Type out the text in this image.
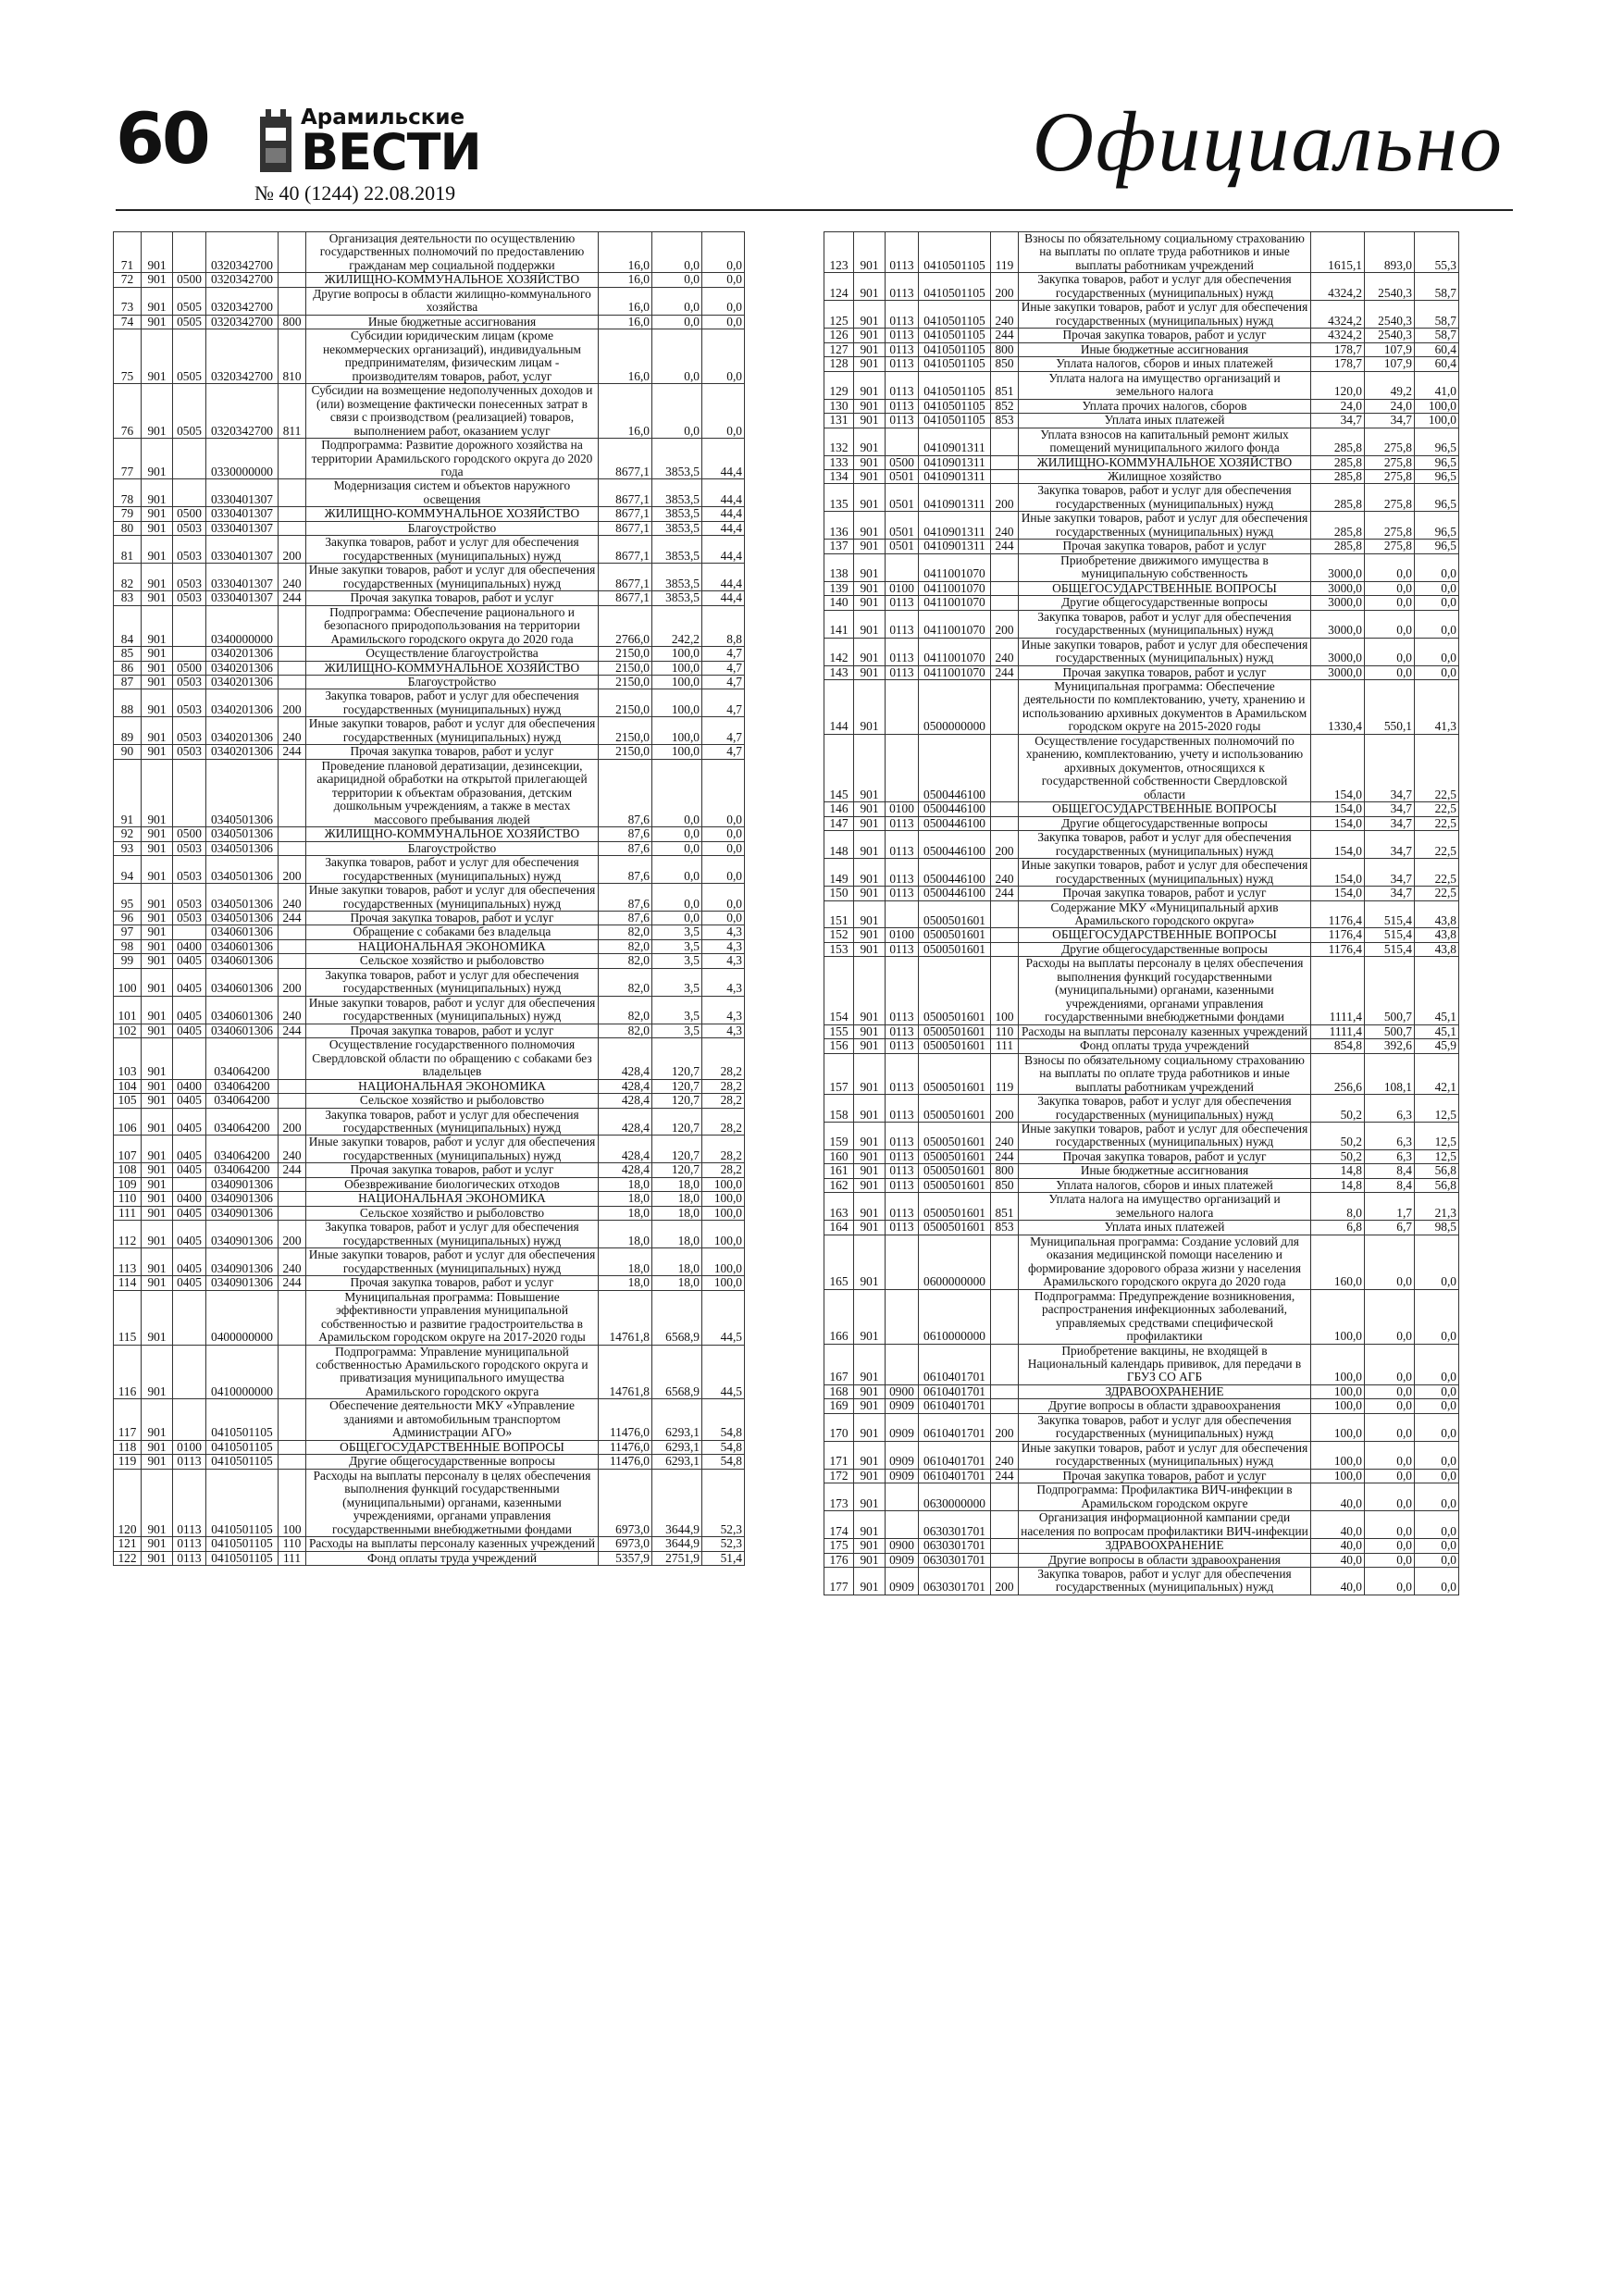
60	Арамильские
ВЕСТИ
№ 40 (1244) 22.08.2019
Официально
71	901		0320342700		Организация деятельности по осуществлению государственных полномочий по предоставлению гражданам мер социальной поддержки	16,0	0,0	0,0
72	901	0500	0320342700		ЖИЛИЩНО-КОММУНАЛЬНОЕ ХОЗЯЙСТВО	16,0	0,0	0,0
73	901	0505	0320342700		Другие вопросы в области жилищно-коммунального хозяйства	16,0	0,0	0,0
74	901	0505	0320342700	800	Иные бюджетные ассигнования	16,0	0,0	0,0
75	901	0505	0320342700	810	Субсидии юридическим лицам (кроме некоммерческих организаций), индивидуальным предпринимателям, физическим лицам - производителям товаров, работ, услуг	16,0	0,0	0,0
76	901	0505	0320342700	811	Субсидии на возмещение недополученных доходов и (или) возмещение фактически понесенных затрат в связи с производством (реализацией) товаров, выполнением работ, оказанием услуг	16,0	0,0	0,0
77	901		0330000000		Подпрограмма: Развитие дорожного хозяйства на территории Арамильского городского округа до 2020 года	8677,1	3853,5	44,4
78	901		0330401307		Модернизация систем и объектов наружного освещения	8677,1	3853,5	44,4
79	901	0500	0330401307		ЖИЛИЩНО-КОММУНАЛЬНОЕ ХОЗЯЙСТВО	8677,1	3853,5	44,4
80	901	0503	0330401307		Благоустройство	8677,1	3853,5	44,4
81	901	0503	0330401307	200	Закупка товаров, работ и услуг для обеспечения государственных (муниципальных) нужд	8677,1	3853,5	44,4
82	901	0503	0330401307	240	Иные закупки товаров, работ и услуг для обеспечения государственных (муниципальных) нужд	8677,1	3853,5	44,4
83	901	0503	0330401307	244	Прочая закупка товаров, работ и услуг	8677,1	3853,5	44,4
84	901		0340000000		Подпрограмма: Обеспечение рационального и безопасного природопользования на территории Арамильского городского округа до 2020 года	2766,0	242,2	8,8
85	901		0340201306		Осуществление благоустройства	2150,0	100,0	4,7
86	901	0500	0340201306		ЖИЛИЩНО-КОММУНАЛЬНОЕ ХОЗЯЙСТВО	2150,0	100,0	4,7
87	901	0503	0340201306		Благоустройство	2150,0	100,0	4,7
88	901	0503	0340201306	200	Закупка товаров, работ и услуг для обеспечения государственных (муниципальных) нужд	2150,0	100,0	4,7
89	901	0503	0340201306	240	Иные закупки товаров, работ и услуг для обеспечения государственных (муниципальных) нужд	2150,0	100,0	4,7
90	901	0503	0340201306	244	Прочая закупка товаров, работ и услуг	2150,0	100,0	4,7
91	901		0340501306		Проведение плановой дератизации, дезинсекции, акарицидной обработки на открытой прилегающей территории к объектам образования, детским дошкольным учреждениям, а также в местах массового пребывания людей	87,6	0,0	0,0
92	901	0500	0340501306		ЖИЛИЩНО-КОММУНАЛЬНОЕ ХОЗЯЙСТВО	87,6	0,0	0,0
93	901	0503	0340501306		Благоустройство	87,6	0,0	0,0
94	901	0503	0340501306	200	Закупка товаров, работ и услуг для обеспечения государственных (муниципальных) нужд	87,6	0,0	0,0
95	901	0503	0340501306	240	Иные закупки товаров, работ и услуг для обеспечения государственных (муниципальных) нужд	87,6	0,0	0,0
96	901	0503	0340501306	244	Прочая закупка товаров, работ и услуг	87,6	0,0	0,0
97	901		0340601306		Обращение с собаками без владельца	82,0	3,5	4,3
98	901	0400	0340601306		НАЦИОНАЛЬНАЯ ЭКОНОМИКА	82,0	3,5	4,3
99	901	0405	0340601306		Сельское хозяйство и рыболовство	82,0	3,5	4,3
100	901	0405	0340601306	200	Закупка товаров, работ и услуг для обеспечения государственных (муниципальных) нужд	82,0	3,5	4,3
101	901	0405	0340601306	240	Иные закупки товаров, работ и услуг для обеспечения государственных (муниципальных) нужд	82,0	3,5	4,3
102	901	0405	0340601306	244	Прочая закупка товаров, работ и услуг	82,0	3,5	4,3
103	901		034064200		Осуществление государственного полномочия Свердловской области по обращению с собаками без владельцев	428,4	120,7	28,2
104	901	0400	034064200		НАЦИОНАЛЬНАЯ ЭКОНОМИКА	428,4	120,7	28,2
105	901	0405	034064200		Сельское хозяйство и рыболовство	428,4	120,7	28,2
106	901	0405	034064200	200	Закупка товаров, работ и услуг для обеспечения государственных (муниципальных) нужд	428,4	120,7	28,2
107	901	0405	034064200	240	Иные закупки товаров, работ и услуг для обеспечения государственных (муниципальных) нужд	428,4	120,7	28,2
108	901	0405	034064200	244	Прочая закупка товаров, работ и услуг	428,4	120,7	28,2
109	901		0340901306		Обезвреживание биологических отходов	18,0	18,0	100,0
110	901	0400	0340901306		НАЦИОНАЛЬНАЯ ЭКОНОМИКА	18,0	18,0	100,0
111	901	0405	0340901306		Сельское хозяйство и рыболовство	18,0	18,0	100,0
112	901	0405	0340901306	200	Закупка товаров, работ и услуг для обеспечения государственных (муниципальных) нужд	18,0	18,0	100,0
113	901	0405	0340901306	240	Иные закупки товаров, работ и услуг для обеспечения государственных (муниципальных) нужд	18,0	18,0	100,0
114	901	0405	0340901306	244	Прочая закупка товаров, работ и услуг	18,0	18,0	100,0
115	901		0400000000		Муниципальная программа: Повышение эффективности управления муниципальной собственностью и развитие градостроительства в Арамильском городском округе на 2017-2020 годы	14761,8	6568,9	44,5
116	901		0410000000		Подпрограмма: Управление муниципальной собственностью Арамильского городского округа и приватизация муниципального имущества Арамильского городского округа	14761,8	6568,9	44,5
117	901		0410501105		Обеспечение деятельности МКУ «Управление зданиями и автомобильным транспортом Администрации АГО»	11476,0	6293,1	54,8
118	901	0100	0410501105		ОБЩЕГОСУДАРСТВЕННЫЕ ВОПРОСЫ	11476,0	6293,1	54,8
119	901	0113	0410501105		Другие общегосударственные вопросы	11476,0	6293,1	54,8
120	901	0113	0410501105	100	Расходы на выплаты персоналу в целях обеспечения выполнения функций государственными (муниципальными) органами, казенными учреждениями, органами управления государственными внебюджетными фондами	6973,0	3644,9	52,3
121	901	0113	0410501105	110	Расходы на выплаты персоналу казенных учреждений	6973,0	3644,9	52,3
122	901	0113	0410501105	111	Фонд оплаты труда учреждений	5357,9	2751,9	51,4
123	901	0113	0410501105	119	Взносы по обязательному социальному страхованию на выплаты по оплате труда работников и иные выплаты работникам учреждений	1615,1	893,0	55,3
124	901	0113	0410501105	200	Закупка товаров, работ и услуг для обеспечения государственных (муниципальных) нужд	4324,2	2540,3	58,7
125	901	0113	0410501105	240	Иные закупки товаров, работ и услуг для обеспечения государственных (муниципальных) нужд	4324,2	2540,3	58,7
126	901	0113	0410501105	244	Прочая закупка товаров, работ и услуг	4324,2	2540,3	58,7
127	901	0113	0410501105	800	Иные бюджетные ассигнования	178,7	107,9	60,4
128	901	0113	0410501105	850	Уплата налогов, сборов и иных платежей	178,7	107,9	60,4
129	901	0113	0410501105	851	Уплата налога на имущество организаций и земельного налога	120,0	49,2	41,0
130	901	0113	0410501105	852	Уплата прочих налогов, сборов	24,0	24,0	100,0
131	901	0113	0410501105	853	Уплата иных платежей	34,7	34,7	100,0
132	901		0410901311		Уплата взносов на капитальный ремонт жилых помещений муниципального жилого фонда	285,8	275,8	96,5
133	901	0500	0410901311		ЖИЛИЩНО-КОММУНАЛЬНОЕ ХОЗЯЙСТВО	285,8	275,8	96,5
134	901	0501	0410901311		Жилищное хозяйство	285,8	275,8	96,5
135	901	0501	0410901311	200	Закупка товаров, работ и услуг для обеспечения государственных (муниципальных) нужд	285,8	275,8	96,5
136	901	0501	0410901311	240	Иные закупки товаров, работ и услуг для обеспечения государственных (муниципальных) нужд	285,8	275,8	96,5
137	901	0501	0410901311	244	Прочая закупка товаров, работ и услуг	285,8	275,8	96,5
138	901		0411001070		Приобретение движимого имущества в муниципальную собственность	3000,0	0,0	0,0
139	901	0100	0411001070		ОБЩЕГОСУДАРСТВЕННЫЕ ВОПРОСЫ	3000,0	0,0	0,0
140	901	0113	0411001070		Другие общегосударственные вопросы	3000,0	0,0	0,0
141	901	0113	0411001070	200	Закупка товаров, работ и услуг для обеспечения государственных (муниципальных) нужд	3000,0	0,0	0,0
142	901	0113	0411001070	240	Иные закупки товаров, работ и услуг для обеспечения государственных (муниципальных) нужд	3000,0	0,0	0,0
143	901	0113	0411001070	244	Прочая закупка товаров, работ и услуг	3000,0	0,0	0,0
144	901		0500000000		Муниципальная программа: Обеспечение деятельности по комплектованию, учету, хранению и использованию архивных документов в Арамильском городском округе на 2015-2020 годы	1330,4	550,1	41,3
145	901		0500446100		Осуществление государственных полномочий по хранению, комплектованию, учету и использованию архивных документов, относящихся к государственной собственности Свердловской области	154,0	34,7	22,5
146	901	0100	0500446100		ОБЩЕГОСУДАРСТВЕННЫЕ ВОПРОСЫ	154,0	34,7	22,5
147	901	0113	0500446100		Другие общегосударственные вопросы	154,0	34,7	22,5
148	901	0113	0500446100	200	Закупка товаров, работ и услуг для обеспечения государственных (муниципальных) нужд	154,0	34,7	22,5
149	901	0113	0500446100	240	Иные закупки товаров, работ и услуг для обеспечения государственных (муниципальных) нужд	154,0	34,7	22,5
150	901	0113	0500446100	244	Прочая закупка товаров, работ и услуг	154,0	34,7	22,5
151	901		0500501601		Содержание МКУ «Муниципальный архив Арамильского городского округа»	1176,4	515,4	43,8
152	901	0100	0500501601		ОБЩЕГОСУДАРСТВЕННЫЕ ВОПРОСЫ	1176,4	515,4	43,8
153	901	0113	0500501601		Другие общегосударственные вопросы	1176,4	515,4	43,8
154	901	0113	0500501601	100	Расходы на выплаты персоналу в целях обеспечения выполнения функций государственными (муниципальными) органами, казенными учреждениями, органами управления государственными внебюджетными фондами	1111,4	500,7	45,1
155	901	0113	0500501601	110	Расходы на выплаты персоналу казенных учреждений	1111,4	500,7	45,1
156	901	0113	0500501601	111	Фонд оплаты труда учреждений	854,8	392,6	45,9
157	901	0113	0500501601	119	Взносы по обязательному социальному страхованию на выплаты по оплате труда работников и иные выплаты работникам учреждений	256,6	108,1	42,1
158	901	0113	0500501601	200	Закупка товаров, работ и услуг для обеспечения государственных (муниципальных) нужд	50,2	6,3	12,5
159	901	0113	0500501601	240	Иные закупки товаров, работ и услуг для обеспечения государственных (муниципальных) нужд	50,2	6,3	12,5
160	901	0113	0500501601	244	Прочая закупка товаров, работ и услуг	50,2	6,3	12,5
161	901	0113	0500501601	800	Иные бюджетные ассигнования	14,8	8,4	56,8
162	901	0113	0500501601	850	Уплата налогов, сборов и иных платежей	14,8	8,4	56,8
163	901	0113	0500501601	851	Уплата налога на имущество организаций и земельного налога	8,0	1,7	21,3
164	901	0113	0500501601	853	Уплата иных платежей	6,8	6,7	98,5
165	901		0600000000		Муниципальная программа: Создание условий для оказания медицинской помощи населению и формирование здорового образа жизни у населения Арамильского городского округа до 2020 года	160,0	0,0	0,0
166	901		0610000000		Подпрограмма: Предупреждение возникновения, распространения инфекционных заболеваний, управляемых средствами специфической профилактики	100,0	0,0	0,0
167	901		0610401701		Приобретение вакцины, не входящей в Национальный календарь прививок, для передачи в ГБУЗ СО АГБ	100,0	0,0	0,0
168	901	0900	0610401701		ЗДРАВООХРАНЕНИЕ	100,0	0,0	0,0
169	901	0909	0610401701		Другие вопросы в области здравоохранения	100,0	0,0	0,0
170	901	0909	0610401701	200	Закупка товаров, работ и услуг для обеспечения государственных (муниципальных) нужд	100,0	0,0	0,0
171	901	0909	0610401701	240	Иные закупки товаров, работ и услуг для обеспечения государственных (муниципальных) нужд	100,0	0,0	0,0
172	901	0909	0610401701	244	Прочая закупка товаров, работ и услуг	100,0	0,0	0,0
173	901		0630000000		Подпрограмма: Профилактика ВИЧ-инфекции в Арамильском городском округе	40,0	0,0	0,0
174	901		0630301701		Организация информационной кампании среди населения по вопросам профилактики ВИЧ-инфекции	40,0	0,0	0,0
175	901	0900	0630301701		ЗДРАВООХРАНЕНИЕ	40,0	0,0	0,0
176	901	0909	0630301701		Другие вопросы в области здравоохранения	40,0	0,0	0,0
177	901	0909	0630301701	200	Закупка товаров, работ и услуг для обеспечения государственных (муниципальных) нужд	40,0	0,0	0,0
